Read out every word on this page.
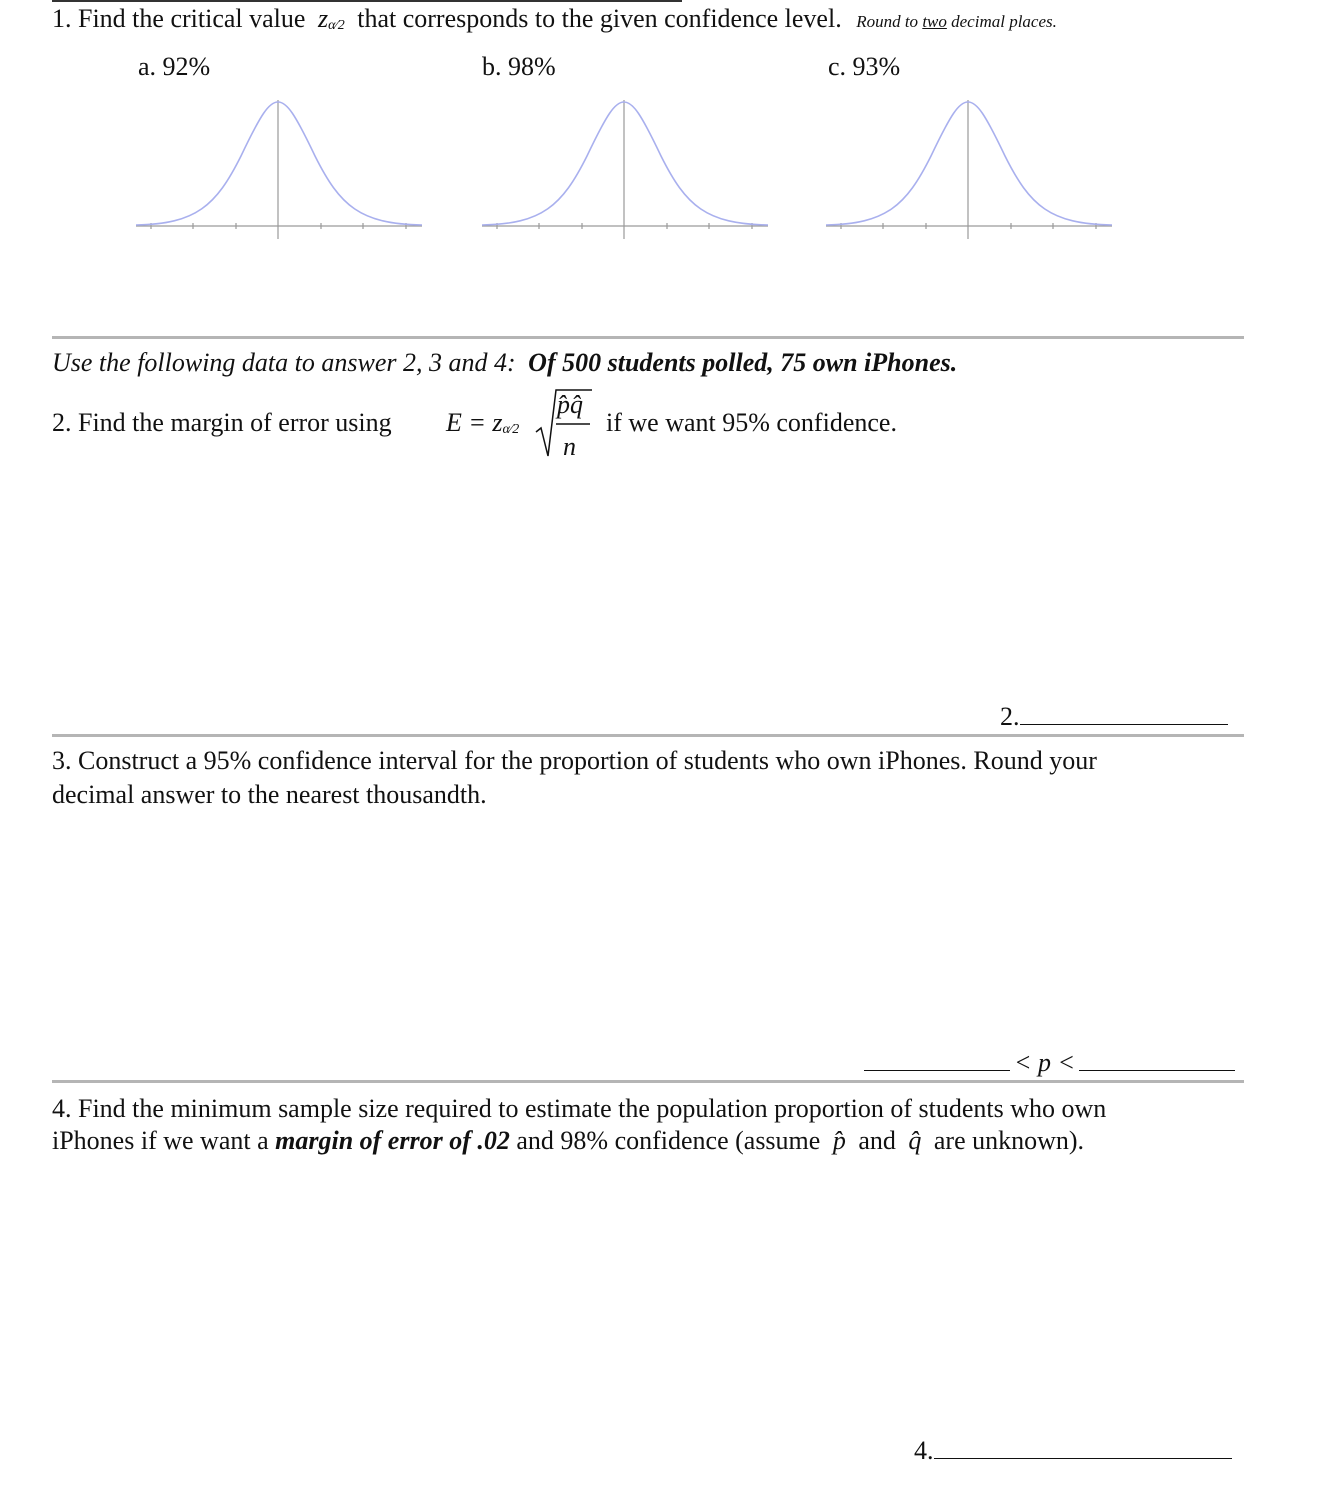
1. Find the critical value zα⁄2 that corresponds to the given confidence level. Round to two decimal places.
a. 92%	b. 98%	c. 93%
Use the following data to answer 2, 3 and 4: Of 500 students polled, 75 own iPhones.
2. Find the margin of error using E = zα⁄2
p̂q̂
n
if we want 95% confidence.
2.
3. Construct a 95% confidence interval for the proportion of students who own iPhones. Round your
decimal answer to the nearest thousandth.
< p <
4. Find the minimum sample size required to estimate the population proportion of students who own
iPhones if we want a margin of error of .02 and 98% confidence (assume p̂ and q̂ are unknown).
4.
